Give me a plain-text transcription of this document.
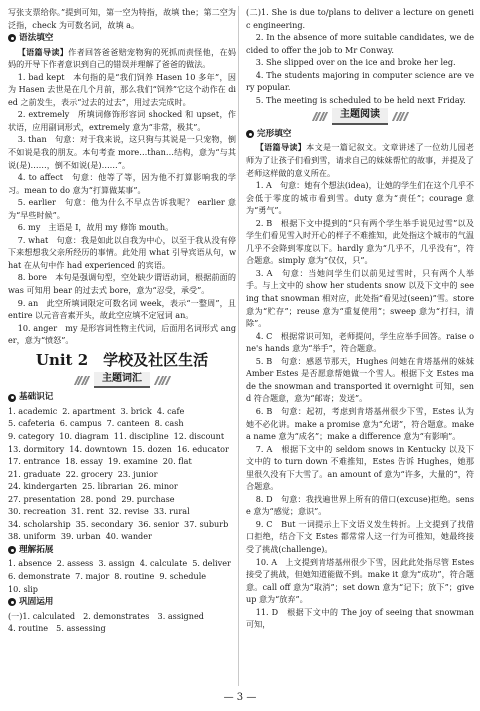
写张支票给你。”提到可知，第一空为特指，故填 the；第二空为泛指，check 为可数名词，故填 a。

语法填空

【语篇导读】作者回答爸爸赔宠物狗的死抓而责怪他，在妈妈的开导下作者意识到自己的错误并理解了爸爸的做法。

1. bad kept　本句指的是“我们饲养 Hasen 10 多年”，因为 Hasen 去世是在几个月前，那么我们“饲养”它这个动作在 died 之前发生，表示“过去的过去”，用过去完成时。

2. extremely　所填词修饰形容词 shocked 和 upset，作状语，应用副词形式，extremely 意为“非常，极其”。

3. than　句意：对于我来说，这只狗与其说是一只宠物，倒不如说是我的朋友。本句考查 more…than…结构，意为“与其说(是)……，倒不如说(是)……”。

4. to affect　句意：他等了等，因为他不打算影响我的学习。mean to do 意为“打算做某事”。

5. earlier　句意：他为什么不早点告诉我呢？ earlier 意为“早些时候”。

6. my　主语是 I，故用 my 修饰 mouth。

7. what　句意：我是如此以自我为中心，以至于我从没有停下来想想我父亲所经历的事情。此处用 what 引导宾语从句，what 在从句中作 had experienced 的宾语。

8. bore　本句是强调句型，空处缺少谓语动词，根据前面的 was 可知用 bear 的过去式 bore，意为“忍受，承受”。

9. an　此空所填词限定可数名词 week，表示“一整周”，且 entire 以元音音素开头，故此空应填不定冠词 an。

10. anger　my 是形容词性物主代词，后面用名词形式 anger，意为“愤怒”。

Unit 2　学校及社区生活
主题词汇
基础识记
1. academic 2. apartment 3. brick 4. cafe
5. cafeteria 6. campus 7. canteen 8. cash
9. category 10. diagram 11. discipline 12. discount
13. dormitory 14. downtown 15. dozen 16. educator
17. entrance 18. essay 19. examine 20. flat
21. graduate 22. grocery 23. junior
24. kindergarten 25. librarian 26. minor
27. presentation 28. pond 29. purchase
30. recreation 31. rent 32. revise 33. rural
34. scholarship 35. secondary 36. senior 37. suburb
38. uniform 39. urban 40. wander
理解拓展
1. absence 2. assess 3. assign 4. calculate 5. deliver
6. demonstrate 7. major 8. routine 9. schedule
10. slip
巩固运用

(一)1. calculated　2. demonstrates　3. assigned

4. routine　5. assessing

(二)1. She is due to/plans to deliver a lecture on genetic engineering.

2. In the absence of more suitable candidates, we decided to offer the job to Mr Conway.

3. She slipped over on the ice and broke her leg.

4. The students majoring in computer science are very popular.

5. The meeting is scheduled to be held next Friday.

主题阅读
完形填空

【语篇导读】本文是一篇记叙文。文章讲述了一位幼儿园老师为了让孩子们看到雪，请求自己的妹妹帮忙的故事，并提及了老师这样做的意义所在。

1. A　句意：她有个想法(idea)，让她的学生们在这个几乎不会低于零度的城市看到雪。duty 意为“责任”；courage 意为“勇气”。

2. B　根据下文中提到的“只有两个学生举手说见过雪”以及学生们看见雪入时开心的样子不难推知，此处指这个城市的气温几乎不会降到零度以下。hardly 意为“几乎不，几乎没有”，符合题意。simply 意为“仅仅，只”。

3. A　句意：当她问学生们以前见过雪时，只有两个人举手。与上文中的 show her students snow 以及下文中的 seeing that snowman 相对应，此处指“看见过(seen)”雪。store 意为“贮存”；reuse 意为“重复使用”；sweep 意为“打扫，清除”。

4. C　根据常识可知，老师提问，学生应举手回答。raise one's hands 意为“举手”，符合题意。

5. B　句意：感恩节那天，Hughes 问她在肯塔基州的妹妹 Amber Estes 是否愿意帮她做一个雪人。根据下文 Estes made the snowman and transported it overnight 可知，send 符合题意，意为“邮寄；发送”。

6. B　句意：起初，考虑到肯塔基州很少下雪，Estes 认为她不必化讲。make a promise 意为“允诺”，符合题意。make a name 意为“成名”；make a difference 意为“有影响”。

7. A　根据下文中的 seldom snows in Kentucky 以及下文中的 to turn down 不难推知，Estes 告诉 Hughes，她那里很久没有下大雪了。an amount of 意为“许多，大量的”，符合题意。

8. D　句意：我找遍世界上所有的借口(excuse)拒绝。sense 意为“感觉；意识”。

9. C　But 一词提示上下文语义发生转折。上文提到了找借口拒绝，结合下文 Estes 都常常人这一行为可推知，她最终接受了挑战(challenge)。

10. A　上文提到肯塔基州很少下雪，因此此处指尽管 Estes 接受了挑战，但她知道能做不到。make it 意为“成功”，符合题意。call off 意为“取消”；set down 意为“记下；放下”；give up 意为“放弃”。

11. D　根据下文中的 The joy of seeing that snowman 可知，

— 3 —
